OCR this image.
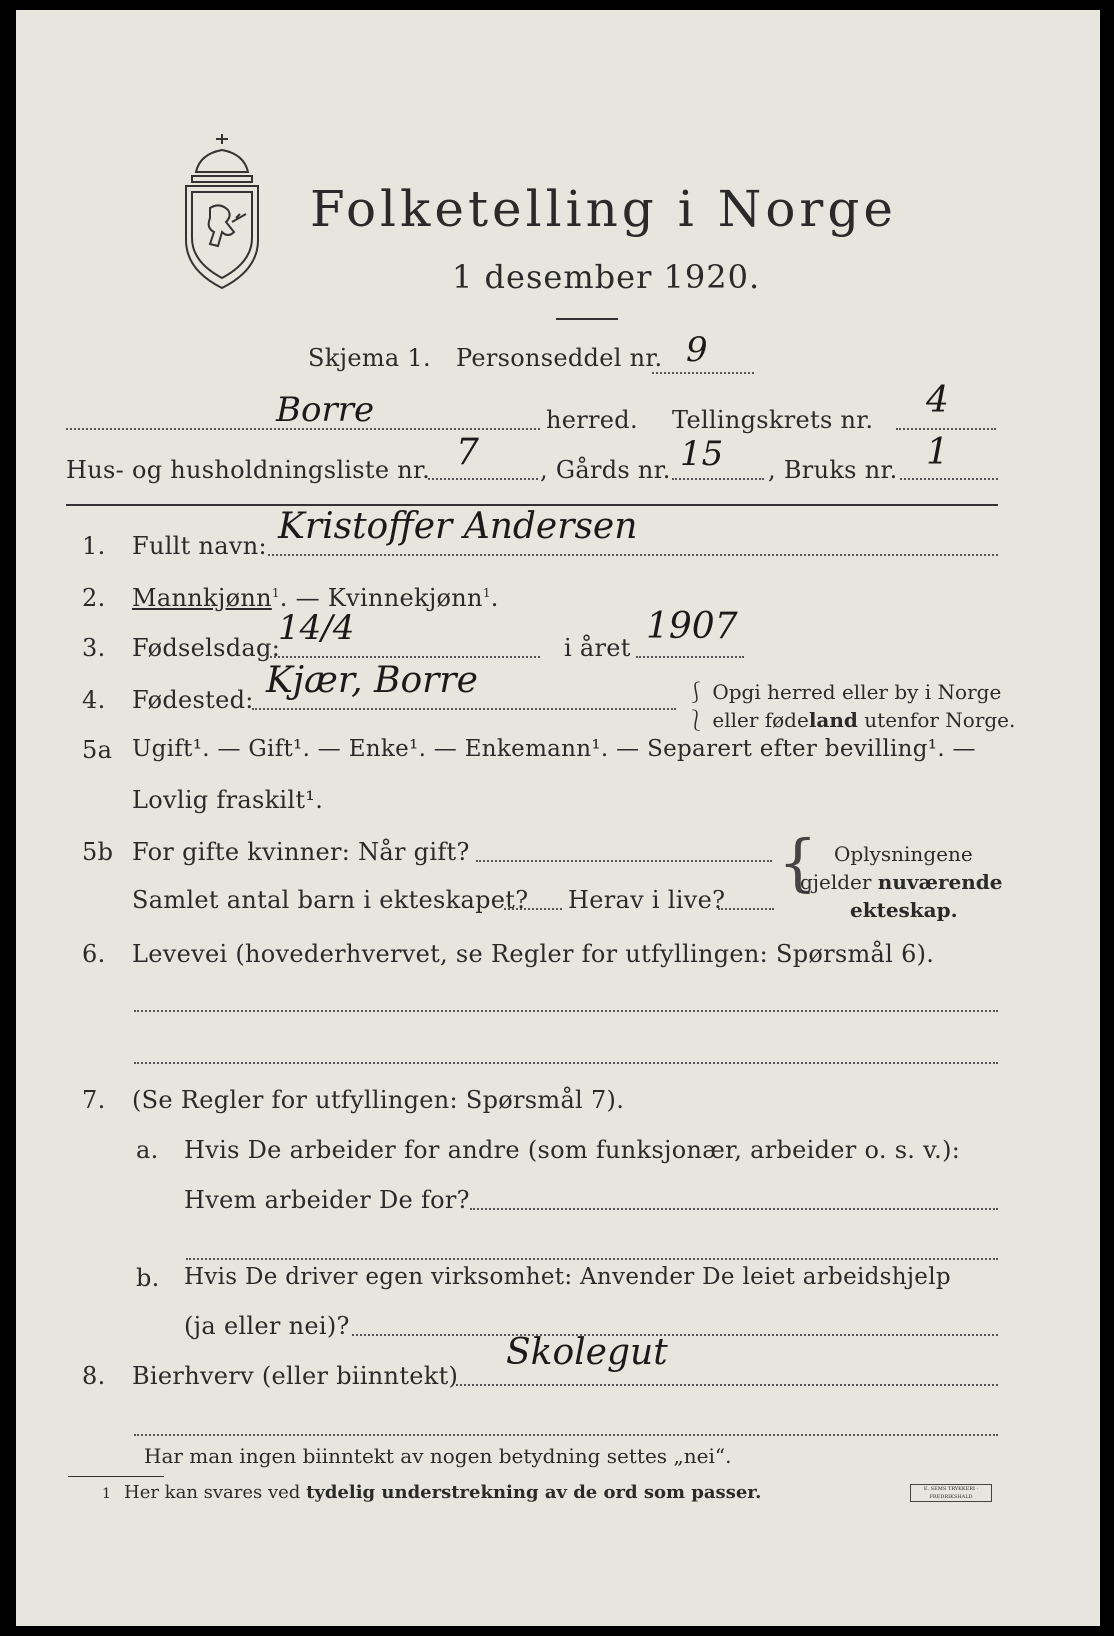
Folketelling i Norge
1 desember 1920.
Skjema 1. Personseddel nr. 9
Borre	herred. Tellingskrets nr. 4
Hus- og husholdningsliste nr. 7	, Gårds nr. 15 , Bruks nr. 1
1. Fullt navn: Kristoffer Andersen
2. Mannkjønn$^1$. — Kvinnekjønn$^1$.
3. Fødselsdag:
14/4	i året
1907
4. Fødested: Kjær, Borre	⎰ Opgi herred eller by i Norge
⎱ eller fødeland utenfor Norge.
5a Ugift¹. — Gift¹. — Enke¹. — Enkemann¹. — Separert efter bevilling¹. —
Lovlig fraskilt¹.
5b For gifte kvinner: Når gift?
Samlet antal barn i ekteskapet? Herav i live?
{ Oplysningene
gjelder nuværende
ekteskap.
6. Levevei (hovederhvervet, se Regler for utfyllingen: Spørsmål 6).
7. (Se Regler for utfyllingen: Spørsmål 7).
a. Hvis De arbeider for andre (som funksjonær, arbeider o. s. v.):
Hvem arbeider De for?
b. Hvis De driver egen virksomhet: Anvender De leiet arbeidshjelp
(ja eller nei)?
8. Bierhverv (eller biinntekt)
Skolegut
Har man ingen biinntekt av nogen betydning settes „nei“.
1 Her kan svares ved tydelig understrekning av de ord som passer.	E. SEMS TRYKKERI · FREDRIKSHALD
